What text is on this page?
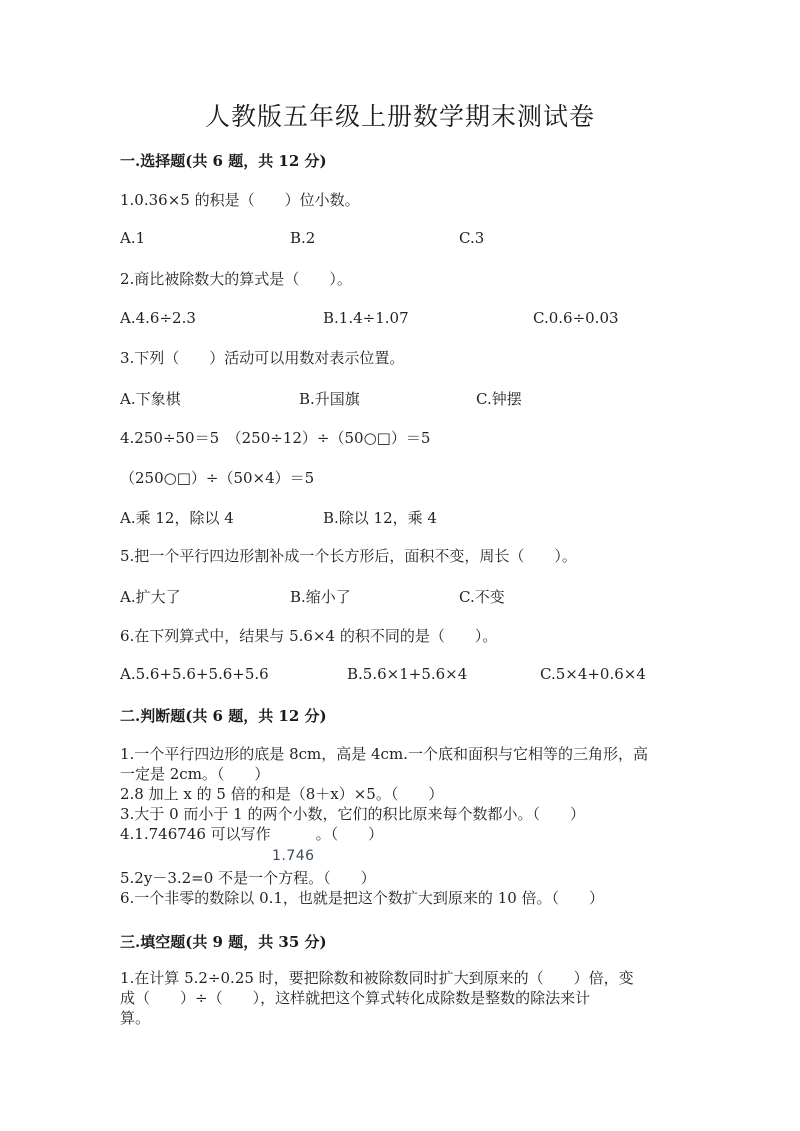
人教版五年级上册数学期末测试卷
一.选择题(共 6 题，共 12 分)
1.0.36×5 的积是（　　）位小数。
A.1	B.2	C.3
2.商比被除数大的算式是（　　）。
A.4.6÷2.3	B.1.4÷1.07	C.0.6÷0.03
3.下列（　　）活动可以用数对表示位置。
A.下象棋	B.升国旗	C.钟摆
4.250÷50＝5　（250÷12）÷（50○□）＝5
（250○□）÷（50×4）＝5
A.乘 12，除以 4	B.除以 12，乘 4
5.把一个平行四边形割补成一个长方形后，面积不变，周长（　　）。
A.扩大了	B.缩小了	C.不变
6.在下列算式中，结果与 5.6×4 的积不同的是（　　）。
A.5.6+5.6+5.6+5.6	B.5.6×1+5.6×4	C.5×4+0.6×4
二.判断题(共 6 题，共 12 分)
1.一个平行四边形的底是 8cm，高是 4cm.一个底和面积与它相等的三角形，高
一定是 2cm。（　　）
2.8 加上 x 的 5 倍的和是（8＋x）×5。（　　）
3.大于 0 而小于 1 的两个小数，它们的积比原来每个数都小。（　　）
4.1.746746 可以写作　　　。（　　）
1.746
5.2y－3.2=0 不是一个方程。（　　）
6.一个非零的数除以 0.1，也就是把这个数扩大到原来的 10 倍。（　　）
三.填空题(共 9 题，共 35 分)
1.在计算 5.2÷0.25 时，要把除数和被除数同时扩大到原来的（　　）倍，变
成（　　）÷（　　），这样就把这个算式转化成除数是整数的除法来计
算。
